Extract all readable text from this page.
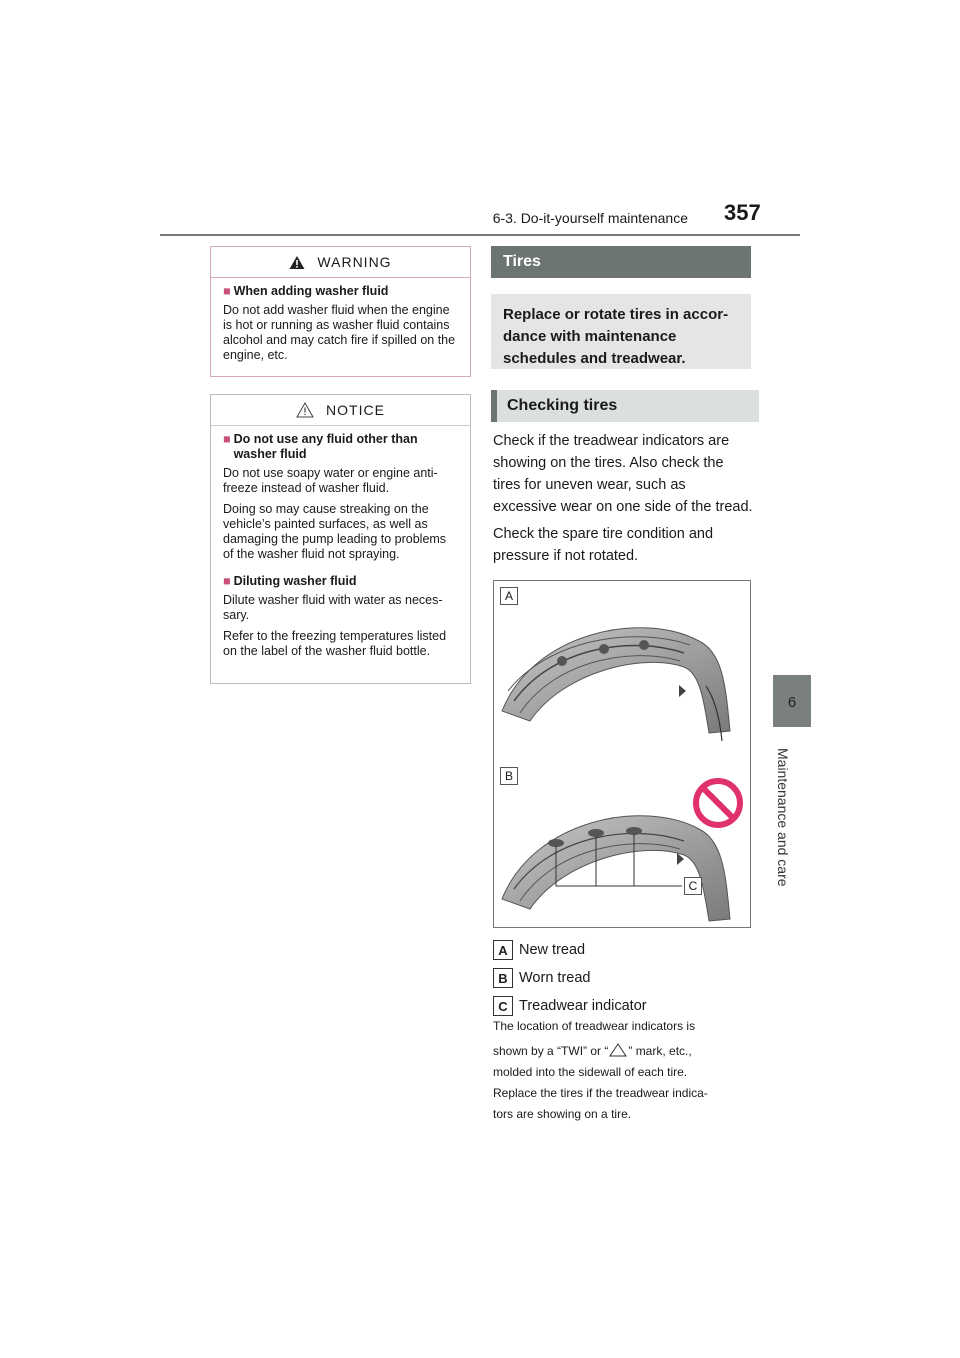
6-3. Do-it-yourself maintenance 357
6
Maintenance and care
WARNING
■ When adding washer fluid

Do not add washer fluid when the engine is hot or running as washer fluid contains alcohol and may catch fire if spilled on the engine, etc.

NOTICE
■ Do not use any fluid other than washer fluid

Do not use soapy water or engine anti-freeze instead of washer fluid.

Doing so may cause streaking on the vehicle’s painted surfaces, as well as damaging the pump leading to problems of the washer fluid not spraying.

■ Diluting washer fluid

Dilute washer fluid with water as neces-sary.

Refer to the freezing temperatures listed on the label of the washer fluid bottle.

Tires
Replace or rotate tires in accor-dance with maintenance schedules and treadwear.
Checking tires
Check if the treadwear indicators are showing on the tires. Also check the tires for uneven wear, such as excessive wear on one side of the tread.
Check the spare tire condition and pressure if not rotated.
A
B
C
A New tread
B Worn tread
C Treadwear indicator
The location of treadwear indicators is
shown by a “TWI” or “ ” mark, etc.,
molded into the sidewall of each tire.
Replace the tires if the treadwear indica-
tors are showing on a tire.
